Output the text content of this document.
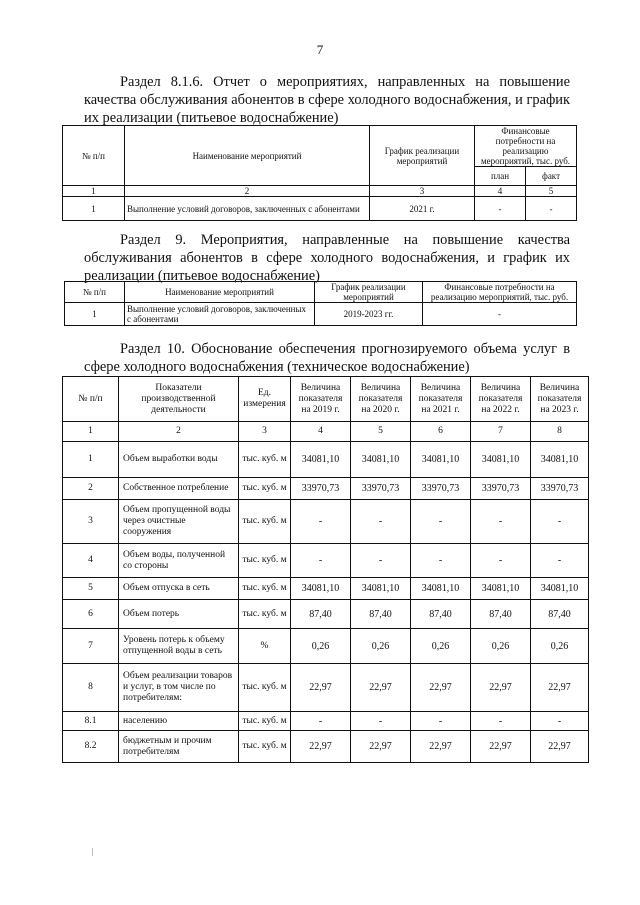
7
Раздел 8.1.6. Отчет о мероприятиях, направленных на повышение качества обслуживания абонентов в сфере холодного водоснабжения, и график их реализации (питьевое водоснабжение)
№ п/п	Наименование мероприятий	График реализации мероприятий	Финансовые потребности на реализацию мероприятий, тыс. руб.	
			план	факт
1	2	3	4	5
1	Выполнение условий договоров, заключенных с абонентами	2021 г.	-	-
Раздел 9. Мероприятия, направленные на повышение качества обслуживания абонентов в сфере холодного водоснабжения, и график их реализации (питьевое водоснабжение)
№ п/п	Наименование мероприятий	График реализации мероприятий	Финансовые потребности на реализацию мероприятий, тыс. руб.
1	Выполнение условий договоров, заключенных с абонентами	2019-2023 гг.	-
Раздел 10. Обоснование обеспечения прогнозируемого объема услуг в сфере холодного водоснабжения (техническое водоснабжение)
№ п/п	Показатели производственной деятельности	Ед. измерения	Величина показателя на 2019 г.	Величина показателя на 2020 г.	Величина показателя на 2021 г.	Величина показателя на 2022 г.	Величина показателя на 2023 г.
1	2	3	4	5	6	7	8
1	Объем выработки воды	тыс. куб. м	34081,10	34081,10	34081,10	34081,10	34081,10
2	Собственное потребление	тыс. куб. м	33970,73	33970,73	33970,73	33970,73	33970,73
3	Объем пропущенной воды через очистные сооружения	тыс. куб. м	-	-	-	-	-
4	Объем воды, полученной со стороны	тыс. куб. м	-	-	-	-	-
5	Объем отпуска в сеть	тыс. куб. м	34081,10	34081,10	34081,10	34081,10	34081,10
6	Объем потерь	тыс. куб. м	87,40	87,40	87,40	87,40	87,40
7	Уровень потерь к объему отпущенной воды в сеть	%	0,26	0,26	0,26	0,26	0,26
8	Объем реализации товаров и услуг, в том числе по потребителям:	тыс. куб. м	22,97	22,97	22,97	22,97	22,97
8.1	населению	тыс. куб. м	-	-	-	-	-
8.2	бюджетным и прочим потребителям	тыс. куб. м	22,97	22,97	22,97	22,97	22,97
